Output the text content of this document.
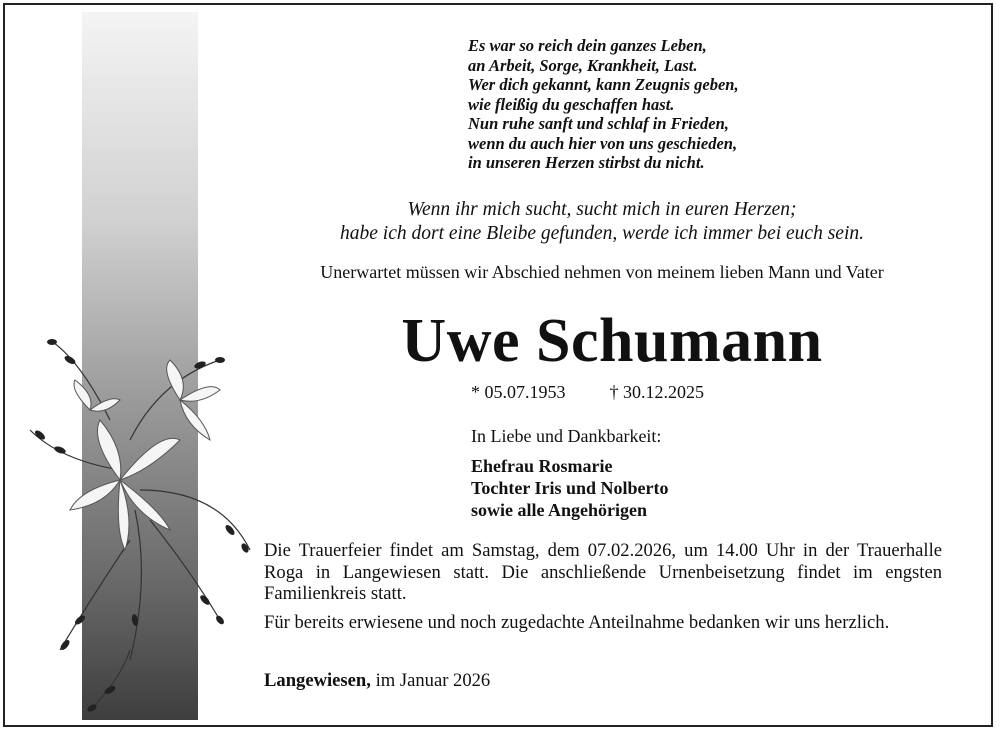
Es war so reich dein ganzes Leben,
an Arbeit, Sorge, Krankheit, Last.
Wer dich gekannt, kann Zeugnis geben,
wie fleißig du geschaffen hast.
Nun ruhe sanft und schlaf in Frieden,
wenn du auch hier von uns geschieden,
in unseren Herzen stirbst du nicht.
Wenn ihr mich sucht, sucht mich in euren Herzen;
habe ich dort eine Bleibe gefunden, werde ich immer bei euch sein.
Unerwartet müssen wir Abschied nehmen von meinem lieben Mann und Vater
Uwe Schumann
* 05.07.1953 † 30.12.2025
In Liebe und Dankbarkeit:
Ehefrau Rosmarie
Tochter Iris und Nolberto
sowie alle Angehörigen

Die Trauerfeier findet am Samstag, dem 07.02.2026, um 14.00 Uhr in der Trauerhalle Roga in Langewiesen statt. Die anschließende Urnenbeisetzung findet im engsten Familienkreis statt.

Für bereits erwiesene und noch zugedachte Anteilnahme bedanken wir uns herzlich.

Langewiesen, im Januar 2026
